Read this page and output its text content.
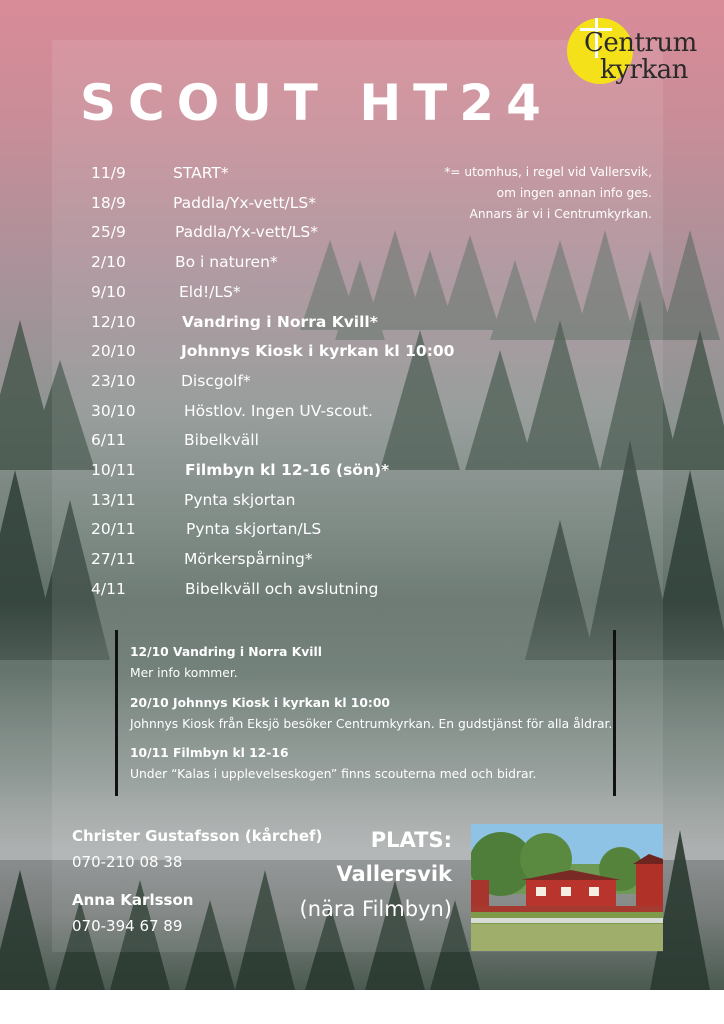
Centrum
kyrkan
SCOUT HT24
*= utomhus, i regel vid Vallersvik,
om ingen annan info ges.
Annars är vi i Centrumkyrkan.
11/9	START*
18/9	Paddla/Yx-vett/LS*
25/9	Paddla/Yx-vett/LS*
2/10	Bo i naturen*
9/10	Eld!/LS*
12/10	Vandring i Norra Kvill*
20/10	Johnnys Kiosk i kyrkan kl 10:00
23/10	Discgolf*
30/10	Höstlov. Ingen UV-scout.
6/11	Bibelkväll
10/11	Filmbyn kl 12-16 (sön)*
13/11	Pynta skjortan
20/11	Pynta skjortan/LS
27/11	Mörkerspårning*
4/11	Bibelkväll och avslutning
12/10 Vandring i Norra Kvill
Mer info kommer.
20/10 Johnnys Kiosk i kyrkan kl 10:00
Johnnys Kiosk från Eksjö besöker Centrumkyrkan. En gudstjänst för alla åldrar.
10/11 Filmbyn kl 12-16
Under “Kalas i upplevelseskogen” finns scouterna med och bidrar.
Christer Gustafsson (kårchef)
070-210 08 38
Anna Karlsson
070-394 67 89
PLATS:
Vallersvik
(nära Filmbyn)
